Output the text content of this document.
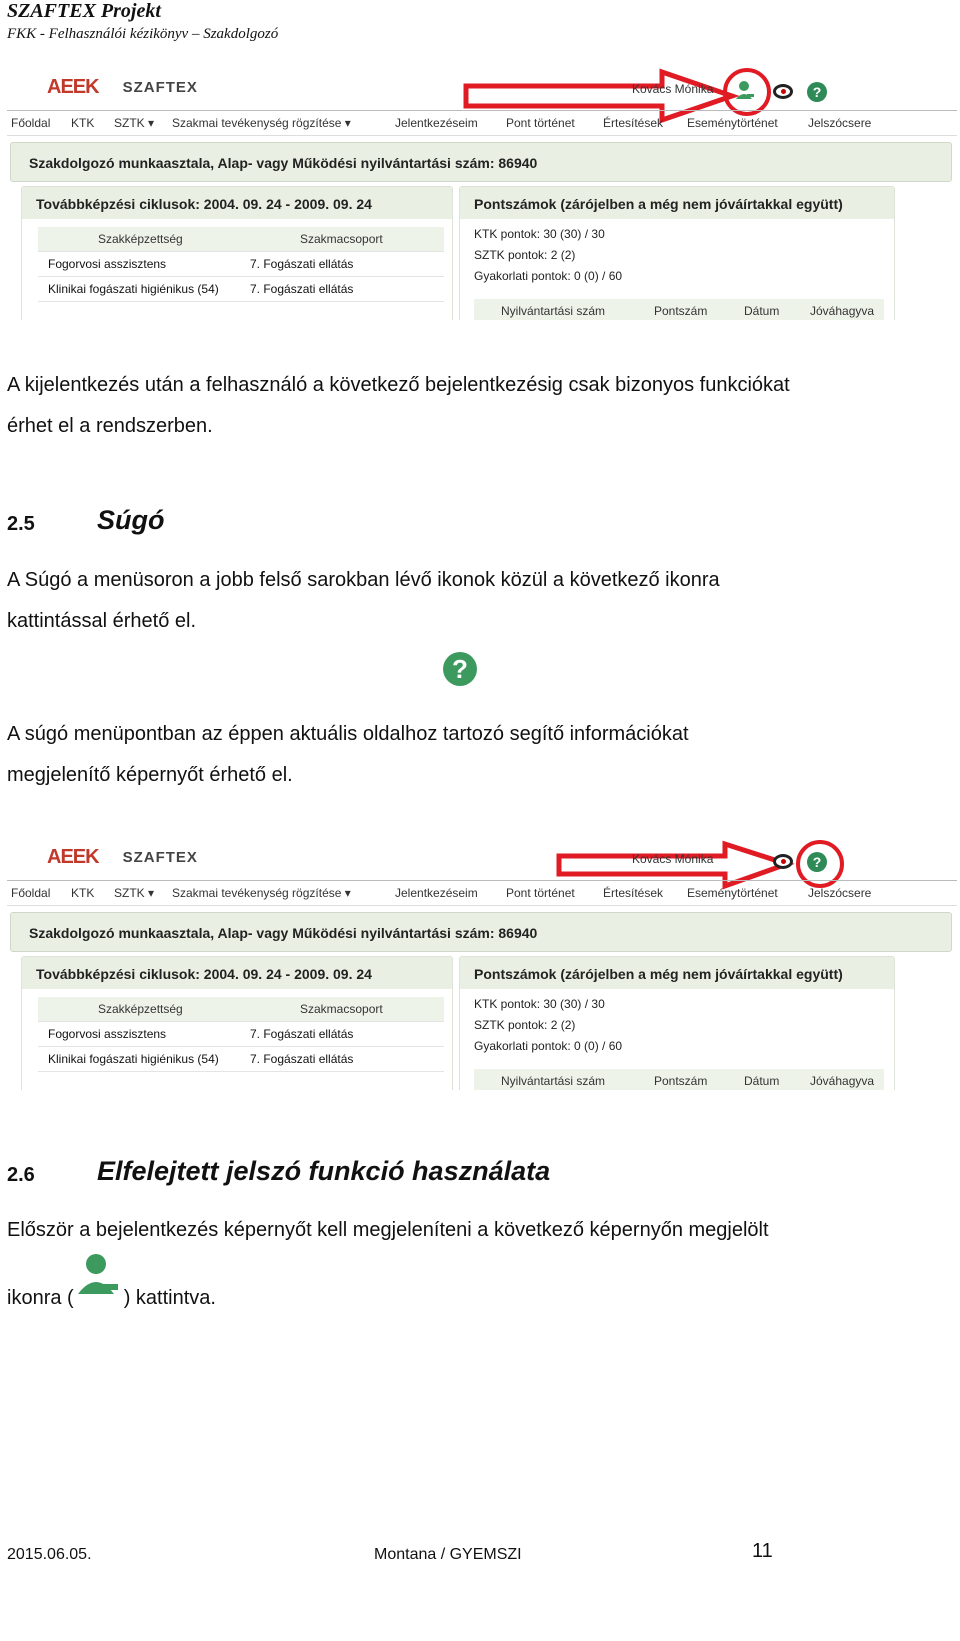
SZAFTEX Projekt
FKK - Felhasználói kézikönyv – Szakdolgozó
AEEK SZAFTEX	Kovács Mónika	?
Főoldal KTK SZTK ▾ Szakmai tevékenység rögzítése ▾	Jelentkezéseim Pont történet Értesítések Eseménytörténet	Jelszócsere
Szakdolgozó munkaasztala, Alap- vagy Működési nyilvántartási szám: 86940
Továbbképzési ciklusok: 2004. 09. 24 - 2009. 09. 24
Szakképzettség	Szakmacsoport
Fogorvosi asszisztens	7. Fogászati ellátás
Klinikai fogászati higiénikus (54)	7. Fogászati ellátás
Pontszámok (zárójelben a még nem jóváírtakkal együtt)
KTK pontok: 30 (30) / 30
SZTK pontok: 2 (2)
Gyakorlati pontok: 0 (0) / 60
Nyilvántartási szám	Pontszám	Dátum	Jóváhagyva
A kijelentkezés után a felhasználó a következő bejelentkezésig csak bizonyos funkciókat
érhet el a rendszerben.
2.5 Súgó
A Súgó a menüsoron a jobb felső sarokban lévő ikonok közül a következő ikonra
kattintással érhető el.
?
A súgó menüpontban az éppen aktuális oldalhoz tartozó segítő információkat
megjelenítő képernyőt érhető el.
AEEK SZAFTEX	Kovács Mónika	?
Főoldal KTK SZTK ▾ Szakmai tevékenység rögzítése ▾	Jelentkezéseim Pont történet Értesítések Eseménytörténet	Jelszócsere
Szakdolgozó munkaasztala, Alap- vagy Működési nyilvántartási szám: 86940
Továbbképzési ciklusok: 2004. 09. 24 - 2009. 09. 24
Szakképzettség	Szakmacsoport
Fogorvosi asszisztens	7. Fogászati ellátás
Klinikai fogászati higiénikus (54)	7. Fogászati ellátás
Pontszámok (zárójelben a még nem jóváírtakkal együtt)
KTK pontok: 30 (30) / 30
SZTK pontok: 2 (2)
Gyakorlati pontok: 0 (0) / 60
Nyilvántartási szám	Pontszám	Dátum	Jóváhagyva
2.6 Elfelejtett jelszó funkció használata
Először a bejelentkezés képernyőt kell megjeleníteni a következő képernyőn megjelölt
ikonra (	) kattintva.
2015.06.05.	Montana / GYEMSZI	11
